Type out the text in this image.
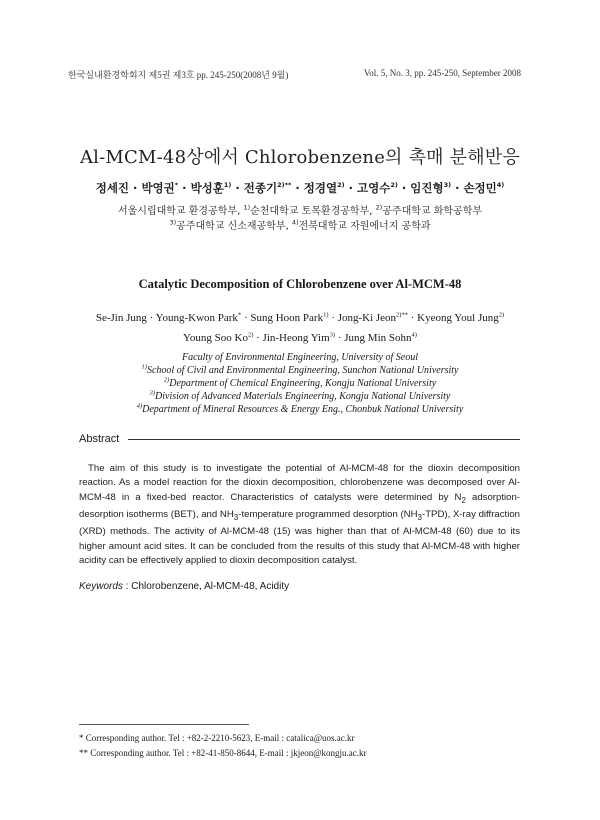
한국실내환경학회지 제5권 제3호 pp. 245-250(2008년 9월)	Vol. 5, No. 3, pp. 245-250, September 2008
Al-MCM-48상에서 Chlorobenzene의 촉매 분해반응
정세진 · 박영권* · 박성훈$^{1)}$ · 전종기$^{2)**}$ · 정경열$^{2)}$ · 고영수$^{2)}$ · 임진형$^{3)}$ · 손정민$^{4)}$
서울시립대학교 환경공학부, $^{1)}$순천대학교 토목환경공학부, $^{2)}$공주대학교 화학공학부
$^{3)}$공주대학교 신소재공학부, $^{4)}$전북대학교 자원에너지 공학과
Catalytic Decomposition of Chlorobenzene over Al-MCM-48
Se-Jin Jung · Young-Kwon Park* · Sung Hoon Park$^{1)}$ · Jong-Ki Jeon$^{2)**}$ · Kyeong Youl Jung$^{2)}$
Young Soo $Ko^{2)}$ · Jin-Heong Yim$^{3)}$ · Jung Min Sohn$^{4)}$
Faculty of Environmental Engineering, University of Seoul
$^{1)}$School of Civil and Environmental Engineering, Sunchon National University
$^{2)}$Department of Chemical Engineering, Kongju National University
$^{3)}$Division of Advanced Materials Engineering, Kongju National University
$^{4)}$Department of Mineral Resources & Energy Eng., Chonbuk National University
Abstract

The aim of this study is to investigate the potential of Al-MCM-48 for the dioxin decomposition reaction. As a model reaction for the dioxin decomposition, chlorobenzene was decomposed over Al-MCM-48 in a fixed-bed reactor. Characteristics of catalysts were determined by $N_2$ adsorption-desorption isotherms (BET), and $NH_3$-temperature programmed desorption $(NH_3-TPD)$, X-ray diffraction (XRD) methods. The activity of Al-MCM-48 (15) was higher than that of Al-MCM-48 (60) due to its higher amount acid sites. It can be concluded from the results of this study that Al-MCM-48 with higher acidity can be effectively applied to dioxin decomposition catalyst.

Keywords : Chlorobenzene, Al-MCM-48, Acidity
* Corresponding author. Tel : +82-2-2210-5623, E-mail : catalica@uos.ac.kr
** Corresponding author. Tel : +82-41-850-8644, E-mail : jkjeon@kongju.ac.kr
